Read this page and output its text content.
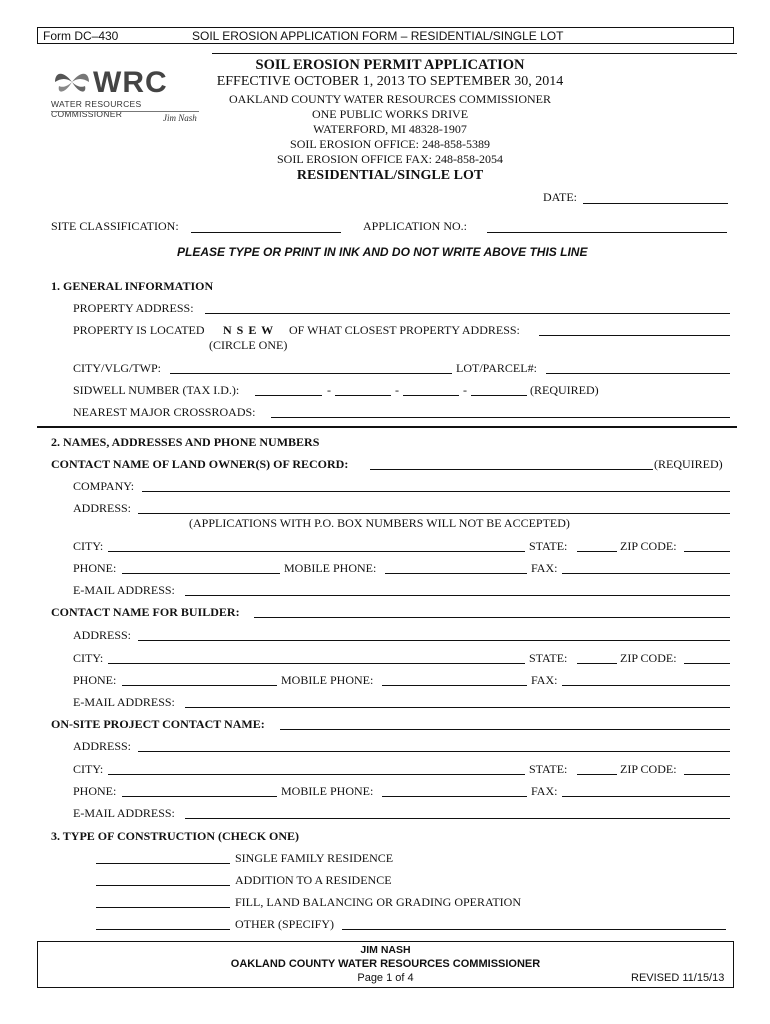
Form DC–430	SOIL EROSION APPLICATION FORM – RESIDENTIAL/SINGLE LOT
WRC
WATER RESOURCES COMMISSIONER	Jim Nash
SOIL EROSION PERMIT APPLICATION
EFFECTIVE OCTOBER 1, 2013 TO SEPTEMBER 30, 2014
OAKLAND COUNTY WATER RESOURCES COMMISSIONER
ONE PUBLIC WORKS DRIVE
WATERFORD, MI 48328-1907
SOIL EROSION OFFICE: 248-858-5389
SOIL EROSION OFFICE FAX: 248-858-2054
RESIDENTIAL/SINGLE LOT
DATE:
SITE CLASSIFICATION:	APPLICATION NO.:
PLEASE TYPE OR PRINT IN INK AND DO NOT WRITE ABOVE THIS LINE
1. GENERAL INFORMATION
PROPERTY ADDRESS:
PROPERTY IS LOCATED N S E W OF WHAT CLOSEST PROPERTY ADDRESS:
(CIRCLE ONE)
CITY/VLG/TWP:	LOT/PARCEL#:
SIDWELL NUMBER (TAX I.D.):	-	-	-	(REQUIRED)
NEAREST MAJOR CROSSROADS:
2. NAMES, ADDRESSES AND PHONE NUMBERS
CONTACT NAME OF LAND OWNER(S) OF RECORD:	(REQUIRED)
COMPANY:
ADDRESS:
(APPLICATIONS WITH P.O. BOX NUMBERS WILL NOT BE ACCEPTED)
CITY:	STATE:	ZIP CODE:
PHONE:	MOBILE PHONE:	FAX:
E-MAIL ADDRESS:
CONTACT NAME FOR BUILDER:
ADDRESS:
CITY:	STATE:	ZIP CODE:
PHONE:	MOBILE PHONE:	FAX:
E-MAIL ADDRESS:
ON-SITE PROJECT CONTACT NAME:
ADDRESS:
CITY:	STATE:	ZIP CODE:
PHONE:	MOBILE PHONE:	FAX:
E-MAIL ADDRESS:
3. TYPE OF CONSTRUCTION (CHECK ONE)
SINGLE FAMILY RESIDENCE
ADDITION TO A RESIDENCE
FILL, LAND BALANCING OR GRADING OPERATION
OTHER (SPECIFY)
JIM NASH
OAKLAND COUNTY WATER RESOURCES COMMISSIONER
Page 1 of 4	REVISED 11/15/13
